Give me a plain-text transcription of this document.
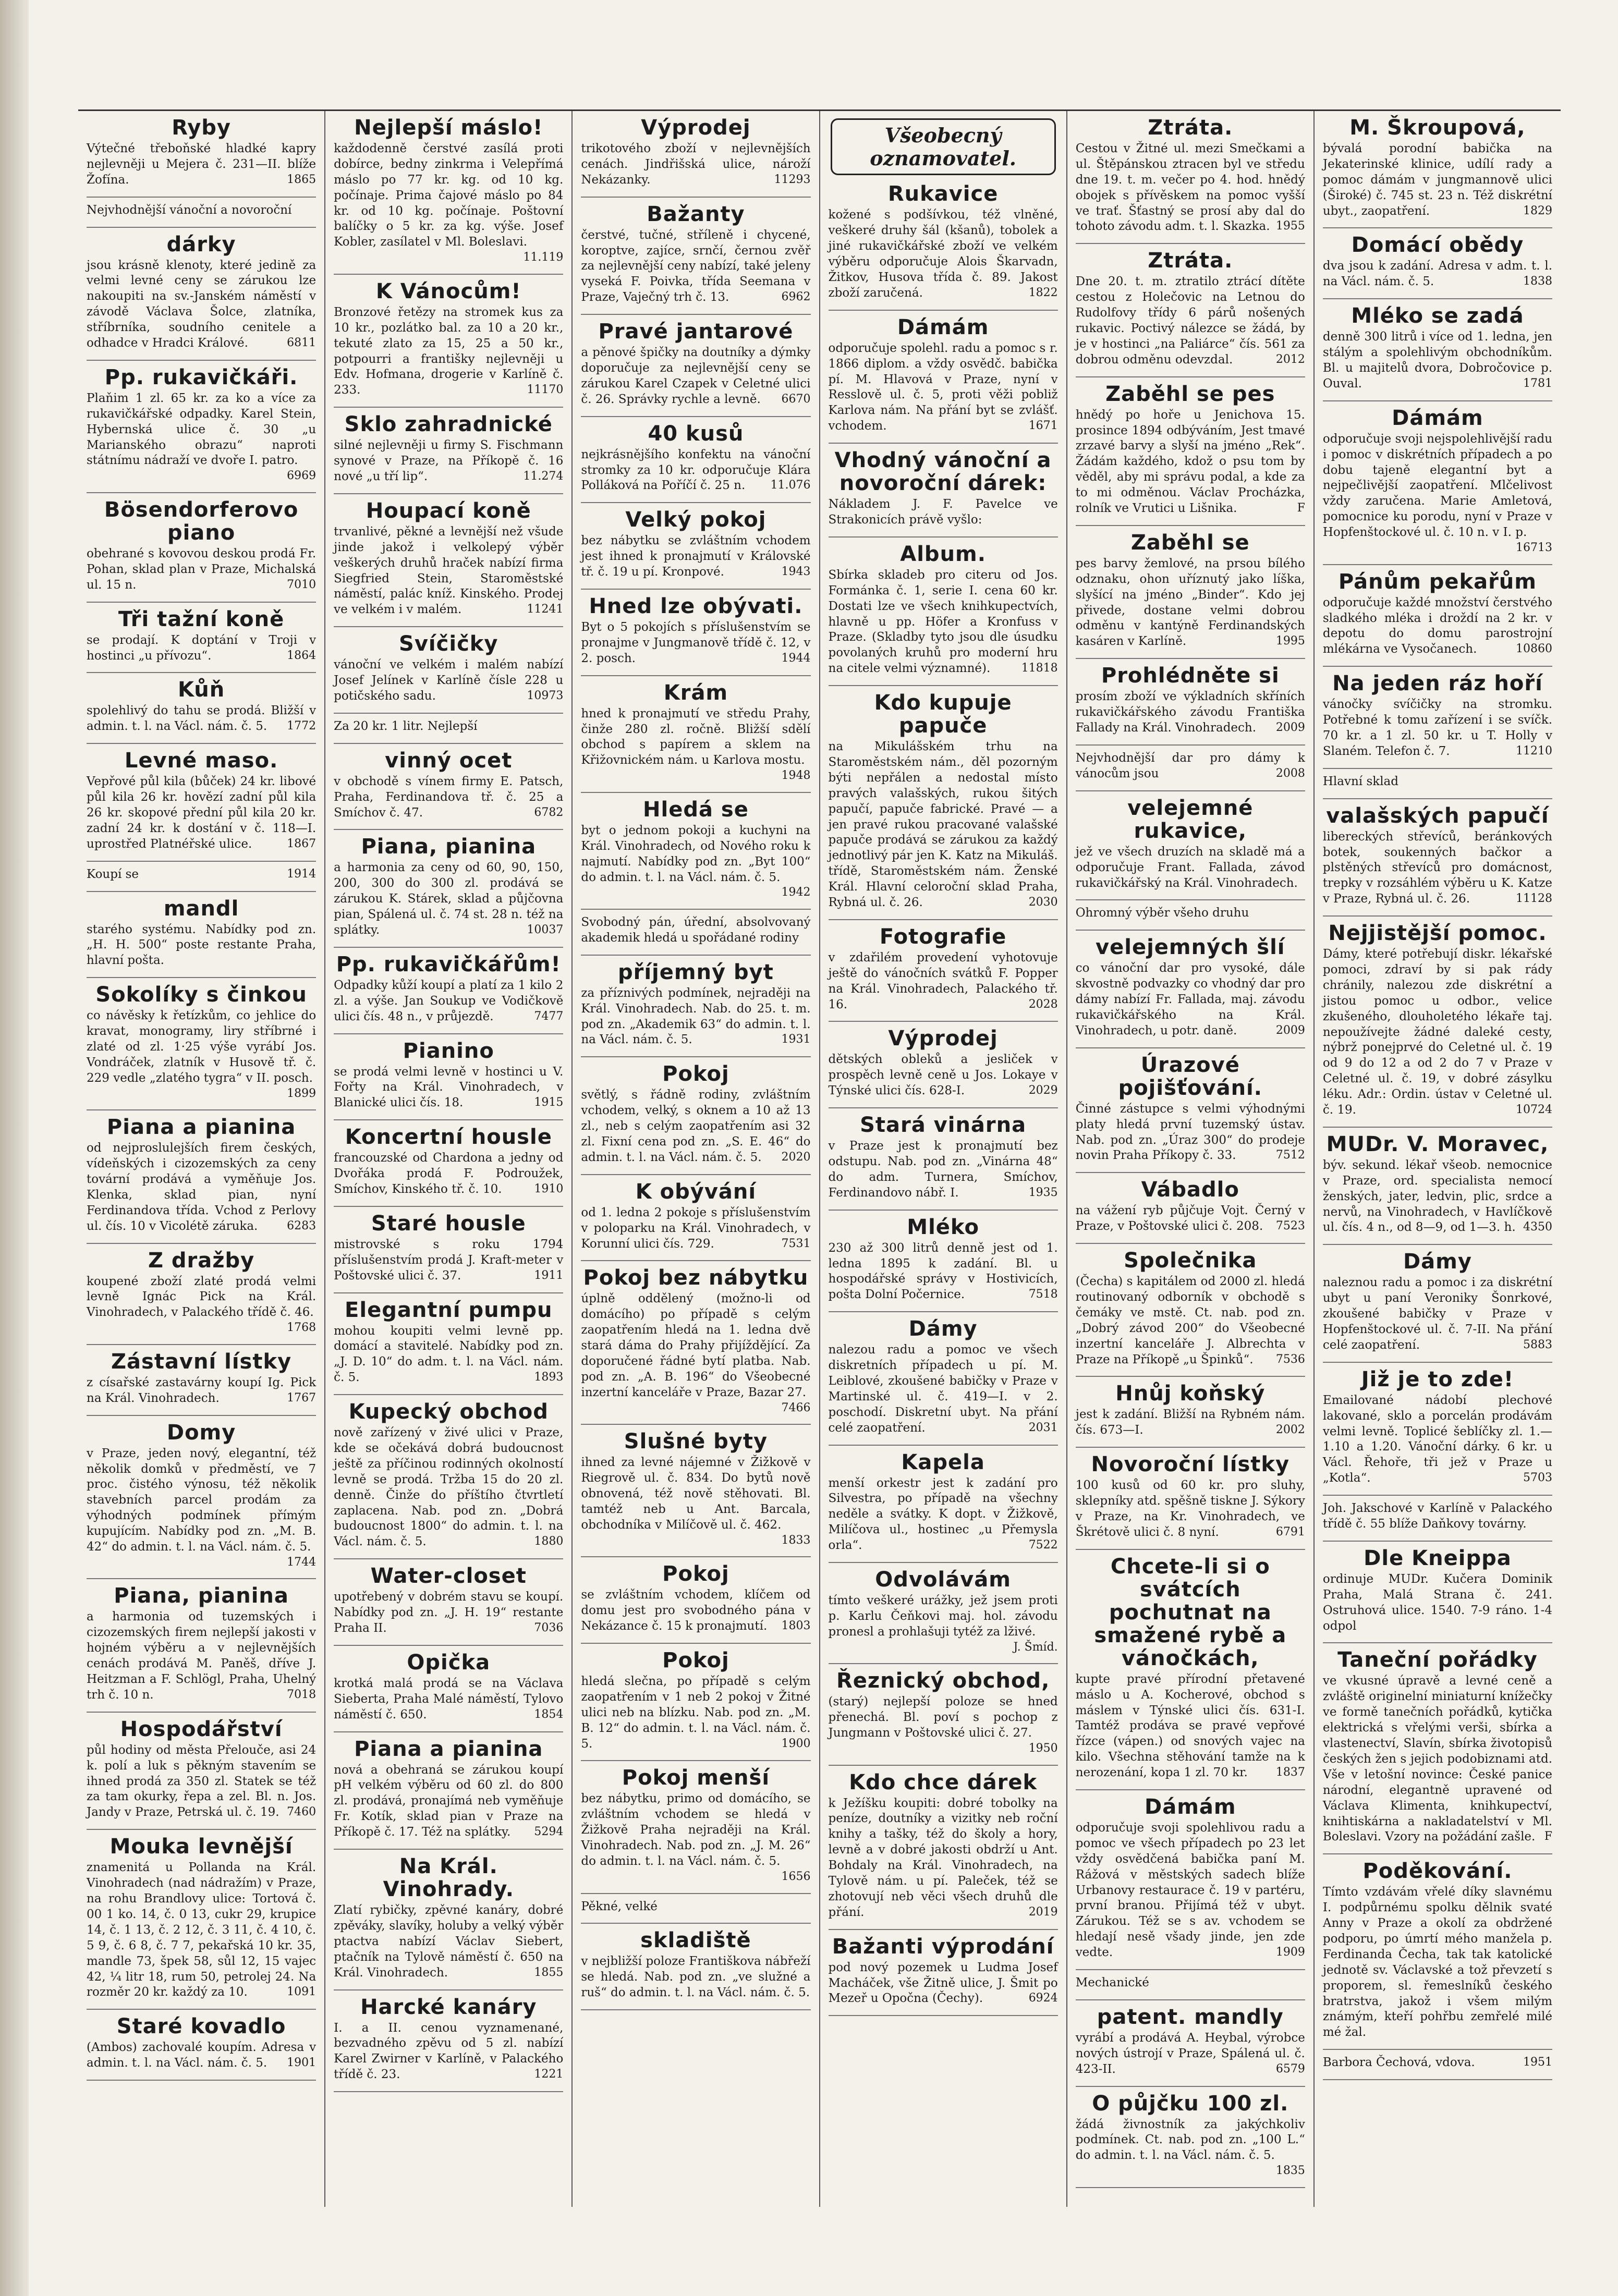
Ryby
Výtečné třeboňské hladké kapry nejlevněji u Mejera č. 231—II. blíže Žofína.	1865
Nejvhodnější vánoční a novoroční
dárky
jsou krásně klenoty, které jedině za velmi levné ceny se zárukou lze nakoupiti na sv.-Janském náměstí v závodě Václava Šolce, zlatníka, stříbrníka, soudního cenitele a odhadce v Hradci Králové.	6811
Pp. rukavičkáři.
Plaňim 1 zl. 65 kr. za ko a více za rukavičkářské odpadky. Karel Stein, Hybernská ulice č. 30 „u Marianského obrazu“ naproti státnímu nádraží ve dvoře I. patro.
6969
Bösendorferovo piano
obehrané s kovovou deskou prodá Fr. Pohan, sklad plan v Praze, Michalská ul. 15 n.	7010
Tři tažní koně
se prodají. K doptání v Troji v hostinci „u přívozu“.	1864
Kůň
spolehlivý do tahu se prodá. Bližší v admin. t. l. na Václ. nám. č. 5. 1772
Levné maso.
Vepřové půl kila (bůček) 24 kr. libové půl kila 26 kr. hovězí zadní půl kila 26 kr. skopové přední půl kila 20 kr. zadní 24 kr. k dostání v č. 118—I. uprostřed Platnéřské ulice.	1867
Koupí se	1914
mandl
starého systému. Nabídky pod zn. „H. H. 500“ poste restante Praha, hlavní pošta.
Sokolíky s činkou
co návěsky k řetízkům, co jehlice do kravat, monogramy, liry stříbrné i zlaté od zl. 1·25 výše vyrábí Jos. Vondráček, zlatník v Husově tř. č. 229 vedle „zlatého tygra“ v II. posch.
1899
Piana a pianina
od nejproslulejších firem českých, vídeňských i cizozemských za ceny tovární prodává a vyměňuje Jos. Klenka, sklad pian, nyní Ferdinandova třída. Vchod z Perlovy ul. čís. 10 v Vicolétě záruka.	6283
Z dražby
koupené zboží zlaté prodá velmi levně Ignác Pick na Král. Vinohradech, v Palackého třídě č. 46.
1768
Zástavní lístky
z císařské zastavárny koupí Ig. Pick na Král. Vinohradech.	1767
Domy
v Praze, jeden nový, elegantní, též několik domků v předměstí, ve 7 proc. čistého výnosu, též několik stavebních parcel prodám za výhodných podmínek přímým kupujícím. Nabídky pod zn. „M. B. 42“ do admin. t. l. na Václ. nám. č. 5.
1744
Piana, pianina
a harmonia od tuzemských i cizozemských firem nejlepší jakosti v hojném výběru a v nejlevnějších cenách prodává M. Paněš, dříve J. Heitzman a F. Schlögl, Praha, Uhelný trh č. 10 n.	7018
Hospodářství
půl hodiny od města Přelouče, asi 24 k. polí a luk s pěkným stavením se ihned prodá za 350 zl. Statek se též za tam okurky, řepa a zel. Bl. n. Jos. Jandy v Praze, Petrská ul. č. 19. 7460
Mouka levnější
znamenitá u Pollanda na Král. Vinohradech (nad nádražím) v Praze, na rohu Brandlovy ulice: Tortová č. 00 1 ko. 14, č. 0 13, cukr 29, krupice 14, č. 1 13, č. 2 12, č. 3 11, č. 4 10, č. 5 9, č. 6 8, č. 7 7, pekařská 10 kr. 35, mandle 73, špek 58, sůl 12, 15 vajec 42, ¼ litr 18, rum 50, petrolej 24. Na rozměr 20 kr. každý za 10.	1091
Staré kovadlo
(Ambos) zachovalé koupím. Adresa v admin. t. l. na Václ. nám. č. 5. 1901
Nejlepší máslo!
každodenně čerstvé zasílá proti dobírce, bedny zinkrma i Velepřímá máslo po 77 kr. kg. od 10 kg. počínaje. Prima čajové máslo po 84 kr. od 10 kg. počínaje. Poštovní balíčky o 5 kr. za kg. výše. Josef Kobler, zasílatel v Ml. Boleslavi.
11.119
K Vánocům!
Bronzové řetězy na stromek kus za 10 kr., pozlátko bal. za 10 a 20 kr., tekuté zlato za 15, 25 a 50 kr., potpourri a františky nejlevněji u Edv. Hofmana, drogerie v Karlíně č. 233.	11170
Sklo zahradnické
silné nejlevněji u firmy S. Fischmann synové v Praze, na Příkopě č. 16 nové „u tří lip“.	11.274
Houpací koně
trvanlivé, pěkné a levnější než všude jinde jakož i velkolepý výběr veškerých druhů hraček nabízí firma Siegfried Stein, Staroměstské náměstí, palác kníž. Kinského. Prodej ve velkém i v malém.	11241
Svíčičky
vánoční ve velkém i malém nabízí Josef Jelínek v Karlíně čísle 228 u potičského sadu.	10973
Za 20 kr. 1 litr. Nejlepší
vinný ocet
v obchodě s vínem firmy E. Patsch, Praha, Ferdinandova tř. č. 25 a Smíchov č. 47.	6782
Piana, pianina
a harmonia za ceny od 60, 90, 150, 200, 300 do 300 zl. prodává se zárukou K. Stárek, sklad a půjčovna pian, Spálená ul. č. 74 st. 28 n. též na splátky.	10037
Pp. rukavičkářům!
Odpadky kůží koupí a platí za 1 kilo 2 zl. a výše. Jan Soukup ve Vodičkově ulici čís. 48 n., v průjezdě.	7477
Pianino
se prodá velmi levně v hostinci u V. Fořty na Král. Vinohradech, v Blanické ulici čís. 18.	1915
Koncertní housle
francouzské od Chardona a jedny od Dvořáka prodá F. Podroužek, Smíchov, Kinského tř. č. 10.	1910
Staré housle
mistrovské s roku 1794 příslušenstvím prodá J. Kraft-meter v Poštovské ulici č. 37.	1911
Elegantní pumpu
mohou koupiti velmi levně pp. domácí a stavitelé. Nabídky pod zn. „J. D. 10“ do adm. t. l. na Václ. nám. č. 5.	1893
Kupecký obchod
nově zařízený v živé ulici v Praze, kde se očekává dobrá budoucnost ještě za příčinou rodinných okolností levně se prodá. Tržba 15 do 20 zl. denně. Činže do příštího čtvrtletí zaplacena. Nab. pod zn. „Dobrá budoucnost 1800“ do admin. t. l. na Václ. nám. č. 5.	1880
Water-closet
upotřebený v dobrém stavu se koupí. Nabídky pod zn. „J. H. 19“ restante Praha II.	7036
Opička
krotká malá prodá se na Václava Sieberta, Praha Malé náměstí, Tylovo náměstí č. 650.	1854
Piana a pianina
nová a obehraná se zárukou koupí pH velkém výběru od 60 zl. do 800 zl. prodává, pronajímá neb vyměňuje Fr. Kotík, sklad pian v Praze na Příkopě č. 17. Též na splátky. 5294
Na Král. Vinohrady.
Zlatí rybičky, zpěvné kanáry, dobré zpěváky, slavíky, holuby a velký výběr ptactva nabízí Václav Siebert, ptačník na Tylově náměstí č. 650 na Král. Vinohradech.	1855
Harcké kanáry
I. a II. cenou vyznamenané, bezvadného zpěvu od 5 zl. nabízí Karel Zwirner v Karlíně, v Palackého třídě č. 23.	1221
Výprodej
trikotového zboží v nejlevnějších cenách. Jindřišská ulice, nároží Nekázanky.	11293
Bažanty
čerstvé, tučné, stříleně i chycené, koroptve, zajíce, srnčí, černou zvěř za nejlevnější ceny nabízí, také jeleny vyseká F. Poivka, třída Seemana v Praze, Vaječný trh č. 13.	6962
Pravé jantarové
a pěnové špičky na doutníky a dýmky doporučuje za nejlevnější ceny se zárukou Karel Czapek v Celetné ulici č. 26. Správky rychle a levně. 6670
40 kusů
nejkrásnějšího konfektu na vánoční stromky za 10 kr. odporučuje Klára Polláková na Poříčí č. 25 n. 11.076
Velký pokoj
bez nábytku se zvláštním vchodem jest ihned k pronajmutí v Královské tř. č. 19 u pí. Kronpové.	1943
Hned lze obývati.
Byt o 5 pokojích s příslušenstvím se pronajme v Jungmanově třídě č. 12, v 2. posch.	1944
Krám
hned k pronajmutí ve středu Prahy, činže 280 zl. ročně. Bližší sdělí obchod s papírem a sklem na Křižovnickém nám. u Karlova mostu.
1948
Hledá se
byt o jednom pokoji a kuchyni na Král. Vinohradech, od Nového roku k najmutí. Nabídky pod zn. „Byt 100“ do admin. t. l. na Václ. nám. č. 5.
1942
Svobodný pán, úřední, absolvovaný akademik hledá u spořádané rodiny
příjemný byt
za příznivých podmínek, nejraději na Král. Vinohradech. Nab. do 25. t. m. pod zn. „Akademik 63“ do admin. t. l. na Václ. nám. č. 5.	1931
Pokoj
světlý, s řádně rodiny, zvláštním vchodem, velký, s oknem a 10 až 13 zl., neb s celým zaopatřením asi 32 zl. Fixní cena pod zn. „S. E. 46“ do admin. t. l. na Václ. nám. č. 5. 2020
K obývání
od 1. ledna 2 pokoje s příslušenstvím v poloparku na Král. Vinohradech, v Korunní ulici čís. 729.	7531
Pokoj bez nábytku
úplně oddělený (možno-li od domácího) po případě s celým zaopatřením hledá na 1. ledna dvě stará dáma do Prahy přijíždějící. Za doporučené řádné bytí platba. Nab. pod zn. „A. B. 196“ do Všeobecné inzertní kanceláře v Praze, Bazar 27.
7466
Slušné byty
ihned za levné nájemné v Žižkově v Riegrově ul. č. 834. Do bytů nově obnovená, též nově stěhovati. Bl. tamtéž neb u Ant. Barcala, obchodníka v Milíčově ul. č. 462.
1833
Pokoj
se zvláštním vchodem, klíčem od domu jest pro svobodného pána v Nekázance č. 15 k pronajmutí. 1803
Pokoj
hledá slečna, po případě s celým zaopatřením v 1 neb 2 pokoj v Žitné ulici neb na blízku. Nab. pod zn. „M. B. 12“ do admin. t. l. na Václ. nám. č. 5.	1900
Pokoj menší
bez nábytku, primo od domácího, se zvláštním vchodem se hledá v Žižkově Praha nejraději na Král. Vinohradech. Nab. pod zn. „J. M. 26“ do admin. t. l. na Václ. nám. č. 5.
1656
Pěkné, velké
skladiště
v nejbližší poloze Františkova nábřeží se hledá. Nab. pod zn. „ve služné a ruš“ do admin. t. l. na Václ. nám. č. 5.
Všeobecný
oznamovatel.
Rukavice
kožené s podšívkou, též vlněné, veškeré druhy šál (kšanů), tobolek a jiné rukavičkářské zboží ve velkém výběru odporučuje Alois Škarvadn, Žitkov, Husova třída č. 89. Jakost zboží zaručená.	1822
Dámám
odporučuje spolehl. radu a pomoc s r. 1866 diplom. a vždy osvědč. babička pí. M. Hlavová v Praze, nyní v Resslově ul. č. 5, proti věži pobliž Karlova nám. Na přání byt se zvlášť. vchodem.	1671
Vhodný vánoční a novoroční dárek:
Nákladem J. F. Pavelce ve Strakonicích právě vyšlo:
Album.
Sbírka skladeb pro citeru od Jos. Formánka č. 1, serie I. cena 60 kr. Dostati lze ve všech knihkupectvích, hlavně u pp. Höfer a Kronfuss v Praze. (Skladby tyto jsou dle úsudku povolaných kruhů pro moderní hru na citele velmi významné).	11818
Kdo kupuje papuče
na Mikulášském trhu na Staroměstském nám., děl pozorným býti nepřálen a nedostal místo pravých valašských, rukou šitých papučí, papuče fabrické. Pravé — a jen pravé rukou pracované valašské papuče prodává se zárukou za každý jednotlivý pár jen K. Katz na Mikuláš. třídě, Staroměstském nám. Ženské Král. Hlavní celoroční sklad Praha, Rybná ul. č. 26.	2030
Fotografie
v zdařilém provedení vyhotovuje ještě do vánočních svátků F. Popper na Král. Vinohradech, Palackého tř. 16.	2028
Výprodej
dětských obleků a jesliček v prospěch levně ceně u Jos. Lokaye v Týnské ulici čís. 628-I.	2029
Stará vinárna
v Praze jest k pronajmutí bez odstupu. Nab. pod zn. „Vinárna 48“ do adm. Turnera, Smíchov, Ferdinandovo nábř. I.	1935
Mléko
230 až 300 litrů denně jest od 1. ledna 1895 k zadání. Bl. u hospodářské správy v Hostivicích, pošta Dolní Počernice.	7518
Dámy
nalezou radu a pomoc ve všech diskretních případech u pí. M. Leiblové, zkoušené babičky v Praze v Martinské ul. č. 419—I. v 2. poschodí. Diskretní ubyt. Na přání celé zaopatření.	2031
Kapela
menší orkestr jest k zadání pro Silvestra, po případě na všechny neděle a svátky. K dopt. v Žižkově, Milíčova ul., hostinec „u Přemysla orla“.	7522
Odvolávám
tímto veškeré urážky, jež jsem proti p. Karlu Čeňkovi maj. hol. závodu pronesl a prohlašuji tytéž za lživé.
J. Šmíd.
Řeznický obchod,
(starý) nejlepší poloze se hned přenechá. Bl. poví s pochop z Jungmann v Poštovské ulici č. 27.
1950
Kdo chce dárek
k Ježíšku koupiti: dobré tobolky na peníze, doutníky a vizitky neb roční knihy a tašky, též do školy a hory, levně a v dobré jakosti obdrží u Ant. Bohdaly na Král. Vinohradech, na Tylově nám. u pí. Paleček, též se zhotovují neb věci všech druhů dle přání.	2019
Bažanti výprodání
pod nový pozemek u Ludma Josef Macháček, vše Žitně ulice, J. Šmit po Mezeř u Opočna (Čechy).	6924
Ztráta.
Cestou v Žitné ul. mezi Smečkami a ul. Štěpánskou ztracen byl ve středu dne 19. t. m. večer po 4. hod. hnědý obojek s přívěskem na pomoc vyšší ve trať. Šťastný se prosí aby dal do tohoto závodu adm. t. l. Skazka. 1955
Ztráta.
Dne 20. t. m. ztratilo ztrácí dítěte cestou z Holečovic na Letnou do Rudolfovy třídy 6 párů nošených rukavic. Poctivý nálezce se žádá, by je v hostinci „na Paliárce“ čís. 561 za dobrou odměnu odevzdal.	2012
Zaběhl se pes
hnědý po hoře u Jenichova 15. prosince 1894 odbýváním, Jest tmavé zrzavé barvy a slyší na jméno „Rek“. Žádám každého, kdož o psu tom by věděl, aby mi správu podal, a kde za to mi odměnou. Václav Procházka, rolník ve Vrutici u Lišnika.	F
Zaběhl se
pes barvy žemlové, na prsou bílého odznaku, ohon uříznutý jako líška, slyšící na jméno „Binder“. Kdo jej přivede, dostane velmi dobrou odměnu v kantýně Ferdinandských kasáren v Karlíně.	1995
Prohlédněte si
prosím zboží ve výkladních skříních rukavičkářského závodu Františka Fallady na Král. Vinohradech. 2009
Nejvhodnější dar pro dámy k vánocům jsou	2008
velejemné rukavice,
jež ve všech druzích na skladě má a odporučuje Frant. Fallada, závod rukavičkářský na Král. Vinohradech.
Ohromný výběr všeho druhu
velejemných šlí
co vánoční dar pro vysoké, dále skvostně podvazky co vhodný dar pro dámy nabízí Fr. Fallada, maj. závodu rukavičkářského na Král. Vinohradech, u potr. daně.	2009
Úrazové pojišťování.
Činné zástupce s velmi výhodnými platy hledá první tuzemský ústav. Nab. pod zn. „Úraz 300“ do prodeje novin Praha Příkopy č. 33.	7512
Vábadlo
na vážení ryb půjčuje Vojt. Černý v Praze, v Poštovské ulici č. 208. 7523
Společnika
(Čecha) s kapitálem od 2000 zl. hledá routinovaný odborník v obchodě s čemáky ve mstě. Ct. nab. pod zn. „Dobrý závod 200“ do Všeobecné inzertní kanceláře J. Albrechta v Praze na Příkopě „u Špinků“. 7536
Hnůj koňský
jest k zadání. Bližší na Rybném nám. čís. 673—I.	2002
Novoroční lístky
100 kusů od 60 kr. pro sluhy, sklepníky atd. spěšně tiskne J. Sýkory v Praze, na Kr. Vinohradech, ve Škrétově ulici č. 8 nyní.	6791
Chcete-li si o svátcích pochutnat na smažené rybě a vánočkách,
kupte pravé přírodní přetavené máslo u A. Kocherové, obchod s máslem v Týnské ulici čís. 631-I. Tamtéž prodáva se pravé vepřové řízce (vápen.) od snových vajec na kilo. Všechna stěhování tamže na k nerozenání, kopa 1 zl. 70 kr. 1837
Dámám
odporučuje svoji spolehlivou radu a pomoc ve všech případech po 23 let vždy osvědčená babička paní M. Rážová v městských sadech blíže Urbanovy restaurace č. 19 v partéru, první branou. Přijímá též v ubyt. Zárukou. Též se s av. vchodem se hledají nesě všady jinde, jen zde vedte.	1909
Mechanické
patent. mandly
vyrábí a prodává A. Heybal, výrobce nových ústrojí v Praze, Spálená ul. č. 423-II.	6579
O půjčku 100 zl.
žádá živnostník za jakýchkoliv podmínek. Ct. nab. pod zn. „100 L.“ do admin. t. l. na Václ. nám. č. 5.
1835
M. Škroupová,
bývalá porodní babička na Jekaterinské klinice, udílí rady a pomoc dámám v jungmannově ulici (Široké) č. 745 st. 23 n. Též diskrétní ubyt., zaopatření.	1829
Domácí obědy
dva jsou k zadání. Adresa v adm. t. l. na Václ. nám. č. 5.	1838
Mléko se zadá
denně 300 litrů i více od 1. ledna, jen stálým a spolehlivým obchodníkům. Bl. u majitelů dvora, Dobročovice p. Ouval.	1781
Dámám
odporučuje svoji nejspolehlivější radu i pomoc v diskrétních případech a po dobu tajeně elegantní byt a nejpečlivější zaopatření. Mlčelivost vždy zaručena. Marie Amletová, pomocnice ku porodu, nyní v Praze v Hopfenštockové ul. č. 10 n. v I. p.
16713
Pánům pekařům
odporučuje každé množství čerstvého sladkého mléka i droždí na 2 kr. v depotu do domu parostrojní mlékárna ve Vysočanech.	10860
Na jeden ráz hoří
vánočky svíčičky na stromku. Potřebné k tomu zařízení i se svíčk. 70 kr. a 1 zl. 50 kr. u T. Holly v Slaném. Telefon č. 7.	11210
Hlavní sklad
valašských papučí
libereckých střevíců, beránkových botek, soukenných bačkor a plstěných střevíců pro domácnost, trepky v rozsáhlém výběru u K. Katze v Praze, Rybná ul. č. 26.	11128
Nejjistější pomoc.
Dámy, které potřebují diskr. lékařské pomoci, zdraví by si pak rády chránily, nalezou zde diskrétní a jistou pomoc u odbor., velice zkušeného, dlouholetého lékaře taj. nepoužívejte žádné daleké cesty, nýbrž ponejprvé do Celetné ul. č. 19 od 9 do 12 a od 2 do 7 v Praze v Celetné ul. č. 19, v dobré zásylku léku. Adr.: Ordin. ústav v Celetné ul. č. 19.	10724
MUDr. V. Moravec,
býv. sekund. lékař všeob. nemocnice v Praze, ord. specialista nemocí ženských, jater, ledvin, plic, srdce a nervů, na Vinohradech, v Havlíčkově ul. čís. 4 n., od 8—9, od 1—3. h. 4350
Dámy
naleznou radu a pomoc i za diskrétní ubyt u paní Veroniky Šonrkové, zkoušené babičky v Praze v Hopfenštockové ul. č. 7-II. Na přání celé zaopatření.	5883
Již je to zde!
Emailované nádobí plechové lakované, sklo a porcelán prodávám velmi levně. Toplicé šeblíčky zl. 1.— 1.10 a 1.20. Vánoční dárky. 6 kr. u Václ. Řehoře, tři jež v Praze u „Kotla“.	5703
Joh. Jakschové v Karlíně v Palackého třídě č. 55 blíže Daňkovy továrny.
Dle Kneippa
ordinuje MUDr. Kučera Dominik Praha, Malá Strana č. 241. Ostruhová ulice. 1540. 7-9 ráno. 1-4 odpol
Taneční pořádky
ve vkusné úpravě a levné ceně a zvláště originelní miniaturní knížečky ve formě tanečních pořádků, kytička elektrická s vřelými verši, sbírka a vlastenectví, Slavín, sbírka životopisů českých žen s jejich podobiznami atd. Vše v letošní novince: České panice národní, elegantně upravené od Václava Klimenta, knihkupectví, knihtiskárna a nakladatelství v Ml. Boleslavi. Vzory na požádání zašle. F
Poděkování.
Tímto vzdávám vřelé díky slavnému I. podpůrnému spolku dělnik svaté Anny v Praze a okolí za obdržené podporu, po úmrtí mého manžela p. Ferdinanda Čecha, tak tak katolické jednotě sv. Václavské a tož převzetí s proporem, sl. řemeslníků českého bratrstva, jakož i všem milým známým, kteří pohřbu zemřelé milé mé žal.
Barbora Čechová, vdova.	1951
